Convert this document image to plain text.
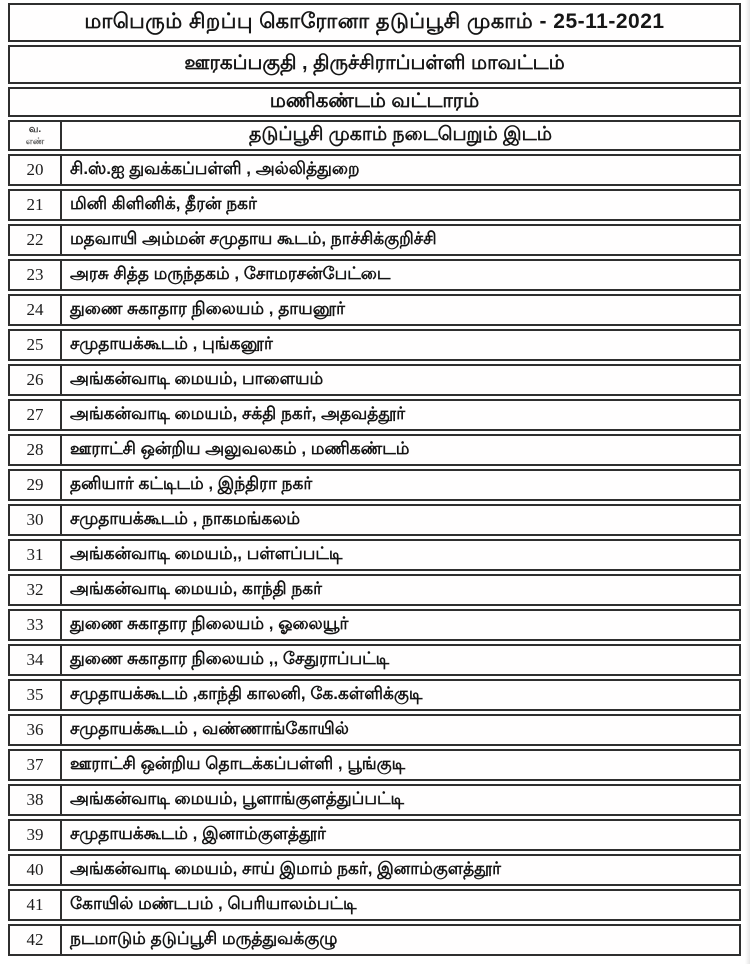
மாபெரும் சிறப்பு கொரோனா தடுப்பூசி முகாம் - 25-11-2021
ஊரகப்பகுதி , திருச்சிராப்பள்ளி மாவட்டம்
மணிகண்டம் வட்டாரம்
வ.
எண்	தடுப்பூசி முகாம் நடைபெறும் இடம்
20	சி.ஸ்.ஐ துவக்கப்பள்ளி , அல்லித்துறை
21	மினி கிளினிக், தீரன் நகர்
22	மதவாயி அம்மன் சமுதாய கூடம், நாச்சிக்குறிச்சி
23	அரசு சித்த மருந்தகம் , சோமரசன்பேட்டை
24	துணை சுகாதார நிலையம் , தாயனூர்
25	சமுதாயக்கூடம் , புங்கனூர்
26	அங்கன்வாடி மையம், பாளையம்
27	அங்கன்வாடி மையம், சக்தி நகர், அதவத்தூர்
28	ஊராட்சி ஒன்றிய அலுவலகம் , மணிகண்டம்
29	தனியார் கட்டிடம் , இந்திரா நகர்
30	சமுதாயக்கூடம் , நாகமங்கலம்
31	அங்கன்வாடி மையம்,, பள்ளப்பட்டி
32	அங்கன்வாடி மையம், காந்தி நகர்
33	துணை சுகாதார நிலையம் , ஓலையூர்
34	துணை சுகாதார நிலையம் ,, சேதுராப்பட்டி
35	சமுதாயக்கூடம் ,காந்தி காலனி, கே.கள்ளிக்குடி
36	சமுதாயக்கூடம் , வண்ணாங்கோயில்
37	ஊராட்சி ஒன்றிய தொடக்கப்பள்ளி , பூங்குடி
38	அங்கன்வாடி மையம், பூளாங்குளத்துப்பட்டி
39	சமுதாயக்கூடம் , இனாம்குளத்தூர்
40	அங்கன்வாடி மையம், சாய் இமாம் நகர், இனாம்குளத்தூர்
41	கோயில் மண்டபம் , பெரியாலம்பட்டி
42	நடமாடும் தடுப்பூசி மருத்துவக்குழு
